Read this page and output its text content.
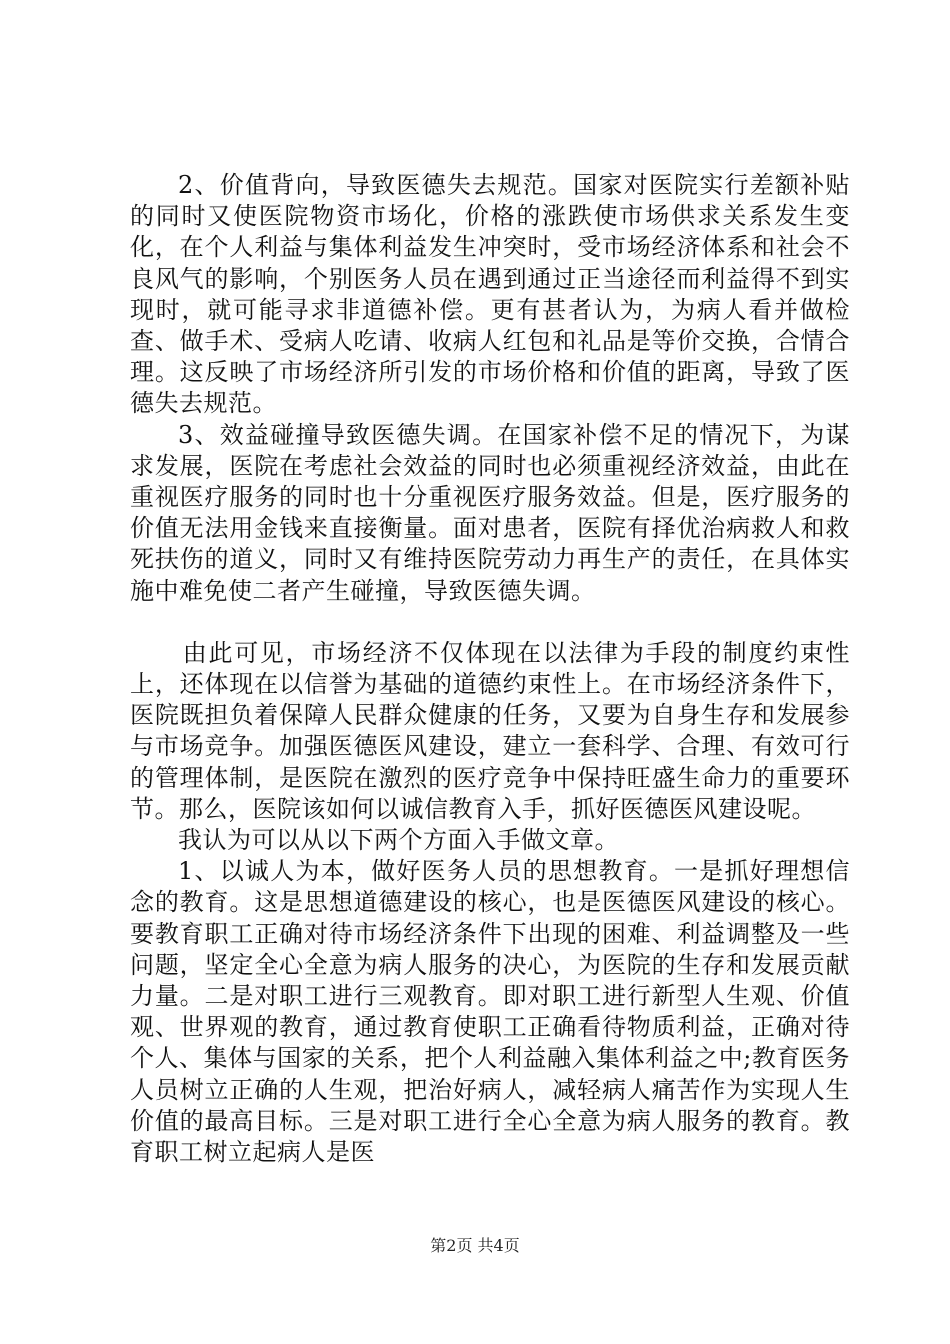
2、价值背向，导致医德失去规范。国家对医院实行差额补贴的同时又使医院物资市场化，价格的涨跌使市场供求关系发生变化，在个人利益与集体利益发生冲突时，受市场经济体系和社会不良风气的影响，个别医务人员在遇到通过正当途径而利益得不到实现时，就可能寻求非道德补偿。更有甚者认为，为病人看并做检查、做手术、受病人吃请、收病人红包和礼品是等价交换，合情合理。这反映了市场经济所引发的市场价格和价值的距离，导致了医德失去规范。

3、效益碰撞导致医德失调。在国家补偿不足的情况下，为谋求发展，医院在考虑社会效益的同时也必须重视经济效益，由此在重视医疗服务的同时也十分重视医疗服务效益。但是，医疗服务的价值无法用金钱来直接衡量。面对患者，医院有择优治病救人和救死扶伤的道义，同时又有维持医院劳动力再生产的责任，在具体实施中难免使二者产生碰撞，导致医德失调。

由此可见，市场经济不仅体现在以法律为手段的制度约束性上，还体现在以信誉为基础的道德约束性上。在市场经济条件下，医院既担负着保障人民群众健康的任务，又要为自身生存和发展参与市场竞争。加强医德医风建设，建立一套科学、合理、有效可行的管理体制，是医院在激烈的医疗竞争中保持旺盛生命力的重要环节。那么，医院该如何以诚信教育入手，抓好医德医风建设呢。

我认为可以从以下两个方面入手做文章。

1、以诚人为本，做好医务人员的思想教育。一是抓好理想信念的教育。这是思想道德建设的核心，也是医德医风建设的核心。要教育职工正确对待市场经济条件下出现的困难、利益调整及一些问题，坚定全心全意为病人服务的决心，为医院的生存和发展贡献力量。二是对职工进行三观教育。即对职工进行新型人生观、价值观、世界观的教育，通过教育使职工正确看待物质利益，正确对待个人、集体与国家的关系，把个人利益融入集体利益之中;教育医务人员树立正确的人生观，把治好病人，减轻病人痛苦作为实现人生价值的最高目标。三是对职工进行全心全意为病人服务的教育。教育职工树立起病人是医

第2页 共4页
